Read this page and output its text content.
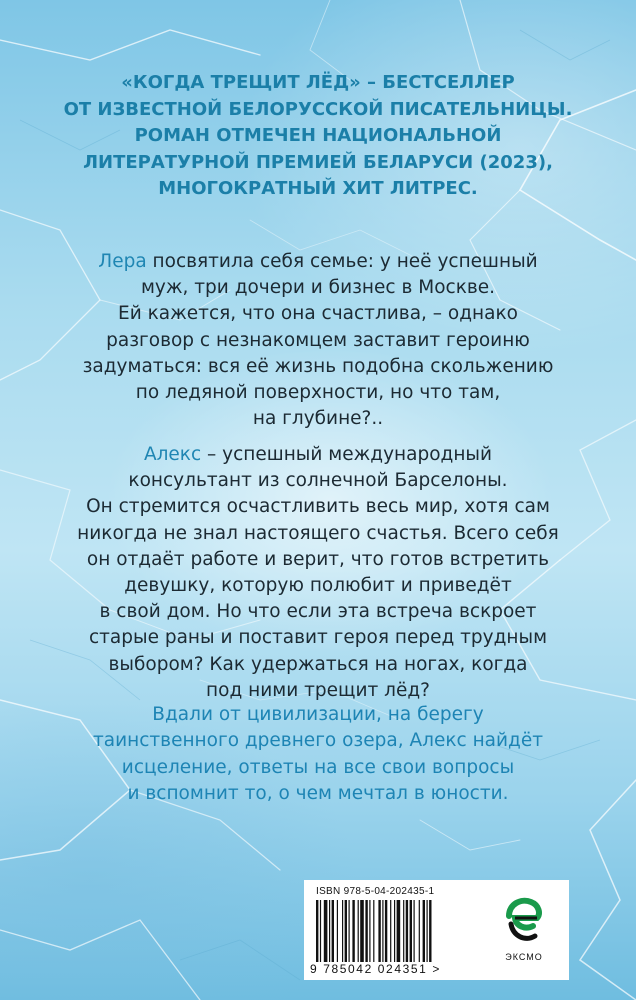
«КОГДА ТРЕЩИТ ЛЁД» – БЕСТСЕЛЛЕР
ОТ ИЗВЕСТНОЙ БЕЛОРУССКОЙ ПИСАТЕЛЬНИЦЫ.
РОМАН ОТМЕЧЕН НАЦИОНАЛЬНОЙ
ЛИТЕРАТУРНОЙ ПРЕМИЕЙ БЕЛАРУСИ (2023),
МНОГОКРАТНЫЙ ХИТ ЛИТРЕС.
Лера посвятила себя семье: у неё успешный
муж, три дочери и бизнес в Москве.
Ей кажется, что она счастлива, – однако
разговор с незнакомцем заставит героиню
задуматься: вся её жизнь подобна скольжению
по ледяной поверхности, но что там,
на глубине?..
Алекс – успешный международный
консультант из солнечной Барселоны.
Он стремится осчастливить весь мир, хотя сам
никогда не знал настоящего счастья. Всего себя
он отдаёт работе и верит, что готов встретить
девушку, которую полюбит и приведёт
в свой дом. Но что если эта встреча вскроет
старые раны и поставит героя перед трудным
выбором? Как удержаться на ногах, когда
под ними трещит лёд?
Вдали от цивилизации, на берегу
таинственного древнего озера, Алекс найдёт
исцеление, ответы на все свои вопросы
и вспомнит то, о чем мечтал в юности.
ISBN 978-5-04-202435-1
9 785042 024351 >
ЭКСМО
